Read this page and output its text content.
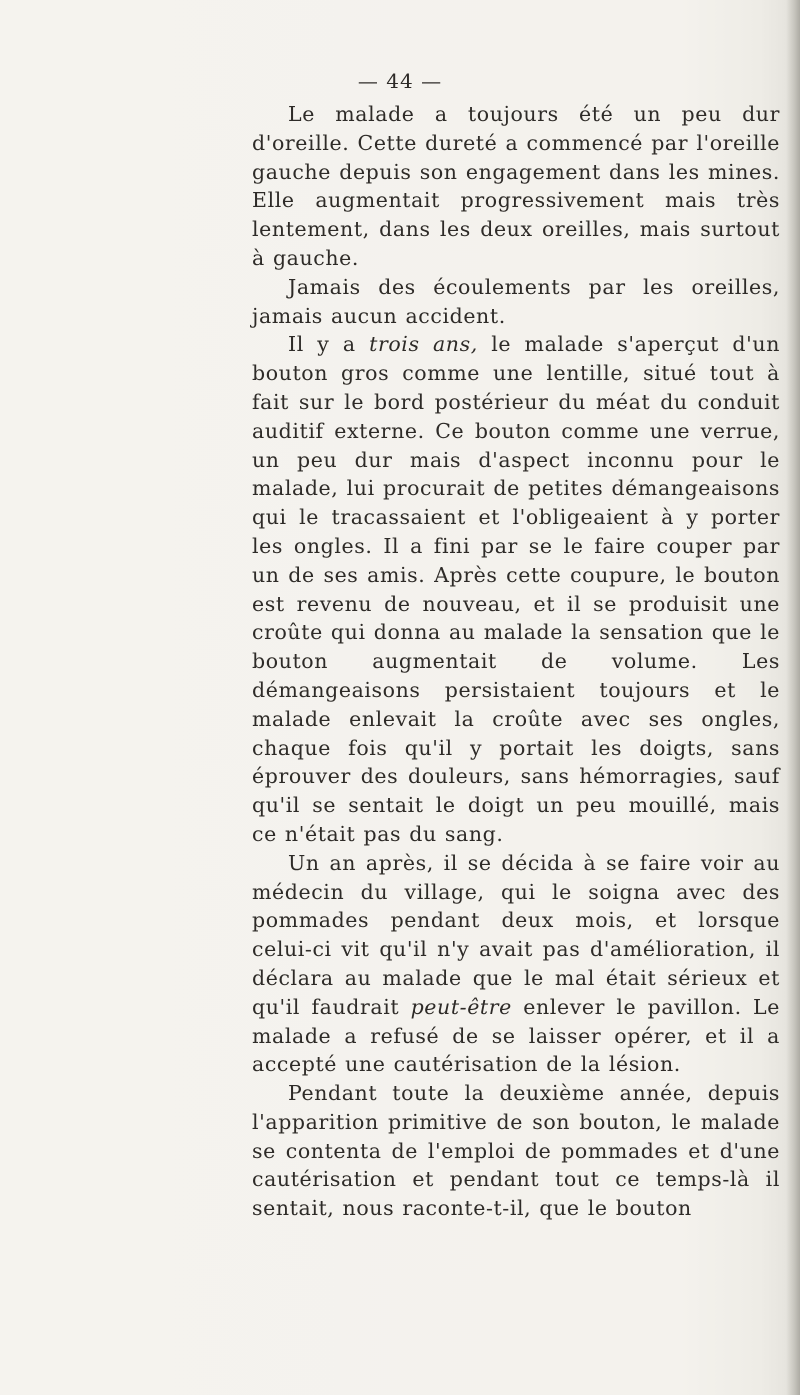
— 44 —

Le malade a toujours été un peu dur d'oreille. Cette dureté a commencé par l'oreille gauche depuis son engagement dans les mines. Elle augmentait progressivement mais très lentement, dans les deux oreilles, mais surtout à gauche.

Jamais des écoulements par les oreilles, jamais aucun accident.

Il y a trois ans, le malade s'aperçut d'un bouton gros comme une lentille, situé tout à fait sur le bord postérieur du méat du conduit auditif externe. Ce bouton comme une verrue, un peu dur mais d'aspect inconnu pour le malade, lui procurait de petites démangeaisons qui le tracassaient et l'obligeaient à y porter les ongles. Il a fini par se le faire couper par un de ses amis. Après cette coupure, le bouton est revenu de nouveau, et il se produisit une croûte qui donna au malade la sensation que le bouton augmentait de volume. Les démangeaisons persistaient toujours et le malade enlevait la croûte avec ses ongles, chaque fois qu'il y portait les doigts, sans éprouver des douleurs, sans hémorragies, sauf qu'il se sentait le doigt un peu mouillé, mais ce n'était pas du sang.

Un an après, il se décida à se faire voir au médecin du village, qui le soigna avec des pommades pendant deux mois, et lorsque celui-ci vit qu'il n'y avait pas d'amélioration, il déclara au malade que le mal était sérieux et qu'il faudrait peut-être enlever le pavillon. Le malade a refusé de se laisser opérer, et il a accepté une cautérisation de la lésion.

Pendant toute la deuxième année, depuis l'apparition primitive de son bouton, le malade se contenta de l'emploi de pommades et d'une cautérisation et pendant tout ce temps-là il sentait, nous raconte-t-il, que le bouton
